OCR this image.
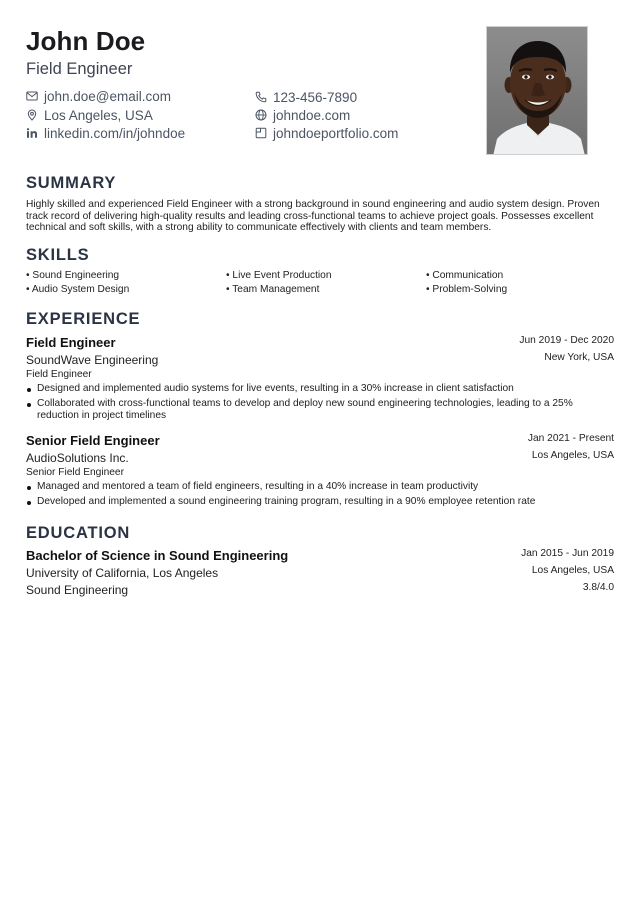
John Doe
Field Engineer
john.doe@email.com	123-456-7890
Los Angeles, USA	johndoe.com
linkedin.com/in/johndoe	johndoeportfolio.com
SUMMARY
Highly skilled and experienced Field Engineer with a strong background in sound engineering and audio system design. Proven track record of delivering high-quality results and leading cross-functional teams to achieve project goals. Possesses excellent technical and soft skills, with a strong ability to communicate effectively with clients and team members.
SKILLS
• Sound Engineering	• Live Event Production	• Communication
• Audio System Design	• Team Management	• Problem-Solving
EXPERIENCE
Field Engineer	Jun 2019 - Dec 2020
SoundWave Engineering	New York, USA
Field Engineer
Designed and implemented audio systems for live events, resulting in a 30% increase in client satisfaction
Collaborated with cross-functional teams to develop and deploy new sound engineering technologies, leading to a 25% reduction in project timelines
Senior Field Engineer	Jan 2021 - Present
AudioSolutions Inc.	Los Angeles, USA
Senior Field Engineer
Managed and mentored a team of field engineers, resulting in a 40% increase in team productivity
Developed and implemented a sound engineering training program, resulting in a 90% employee retention rate
EDUCATION
Bachelor of Science in Sound Engineering	Jan 2015 - Jun 2019
University of California, Los Angeles	Los Angeles, USA
Sound Engineering	3.8/4.0
